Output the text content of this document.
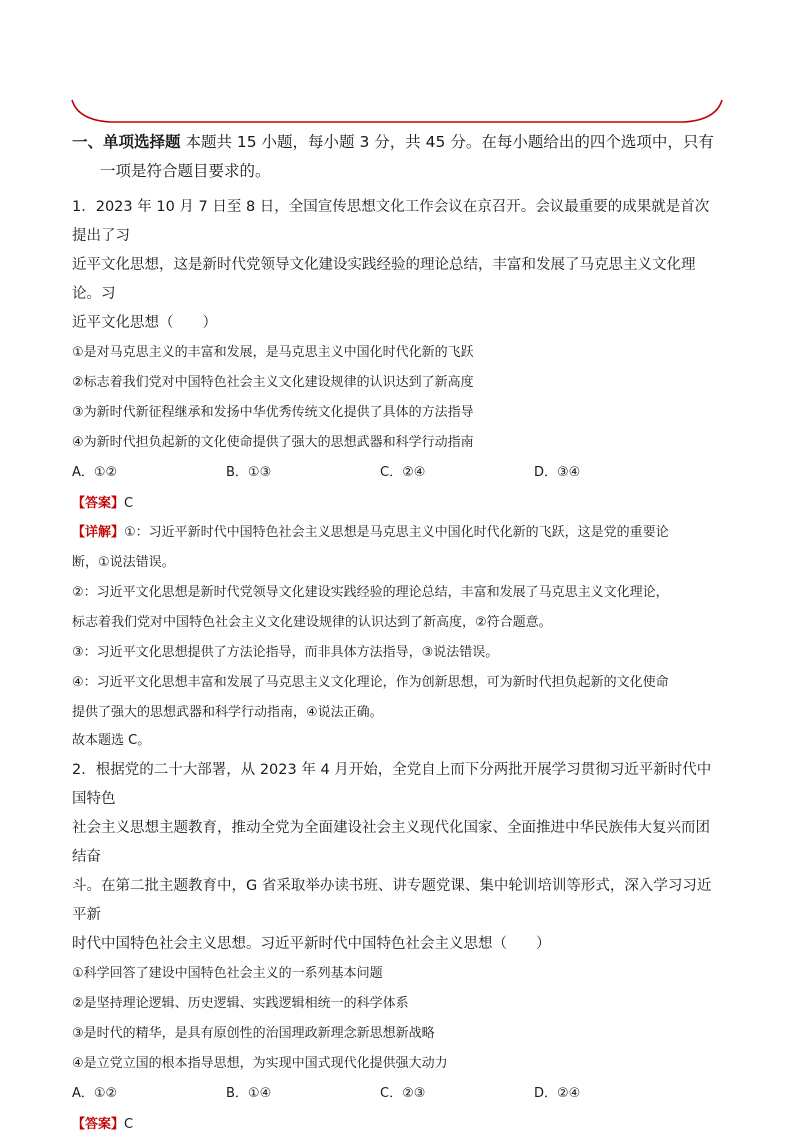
一、单项选择题 本题共 15 小题，每小题 3 分，共 45 分。在每小题给出的四个选项中，只有
一项是符合题目要求的。

1．2023 年 10 月 7 日至 8 日，全国宣传思想文化工作会议在京召开。会议最重要的成果就是首次提出了习

近平文化思想，这是新时代党领导文化建设实践经验的理论总结，丰富和发展了马克思主义文化理论。习

近平文化思想（　　）

①是对马克思主义的丰富和发展，是马克思主义中国化时代化新的飞跃

②标志着我们党对中国特色社会主义文化建设规律的认识达到了新高度

③为新时代新征程继承和发扬中华优秀传统文化提供了具体的方法指导

④为新时代担负起新的文化使命提供了强大的思想武器和科学行动指南

A．①②	B．①③	C．②④	D．③④
【答案】C

【详解】①：习近平新时代中国特色社会主义思想是马克思主义中国化时代化新的飞跃，这是党的重要论

断，①说法错误。

②：习近平文化思想是新时代党领导文化建设实践经验的理论总结，丰富和发展了马克思主义文化理论，

标志着我们党对中国特色社会主义文化建设规律的认识达到了新高度，②符合题意。

③：习近平文化思想提供了方法论指导，而非具体方法指导，③说法错误。

④：习近平文化思想丰富和发展了马克思主义文化理论，作为创新思想，可为新时代担负起新的文化使命

提供了强大的思想武器和科学行动指南，④说法正确。

故本题选 C。

2．根据党的二十大部署，从 2023 年 4 月开始，全党自上而下分两批开展学习贯彻习近平新时代中国特色

社会主义思想主题教育，推动全党为全面建设社会主义现代化国家、全面推进中华民族伟大复兴而团结奋

斗。在第二批主题教育中，G 省采取举办读书班、讲专题党课、集中轮训培训等形式，深入学习习近平新

时代中国特色社会主义思想。习近平新时代中国特色社会主义思想（　　）

①科学回答了建设中国特色社会主义的一系列基本问题

②是坚持理论逻辑、历史逻辑、实践逻辑相统一的科学体系

③是时代的精华，是具有原创性的治国理政新理念新思想新战略

④是立党立国的根本指导思想，为实现中国式现代化提供强大动力

A．①②	B．①④	C．②③	D．②④
【答案】C
